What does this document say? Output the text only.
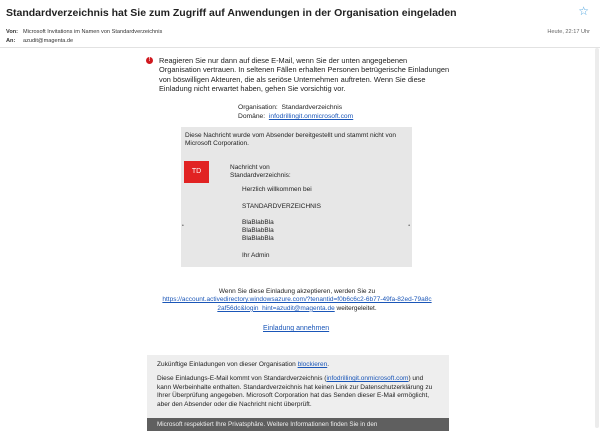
Standardverzeichnis hat Sie zum Zugriff auf Anwendungen in der Organisation eingeladen	☆
Von: Microsoft Invitations im Namen von Standardverzeichnis
An: azudit@magenta.de
Heute, 22:17 Uhr
!	Reagieren Sie nur dann auf diese E-Mail, wenn Sie der unten angegebenen Organisation vertrauen. In seltenen Fällen erhalten Personen betrügerische Einladungen von böswilligen Akteuren, die als seriöse Unternehmen auftreten. Wenn Sie diese Einladung nicht erwartet haben, gehen Sie vorsichtig vor.
Organisation: Standardverzeichnis
Domäne: infodrillingit.onmicrosoft.com
Diese Nachricht wurde vom Absender bereitgestellt und stammt nicht von Microsoft Corporation.
TD
Nachricht von
Standardverzeichnis:
Herzlich willkommen bei
STANDARDVERZEICHNIS
BlaBlabBla
BlaBlabBla
BlaBlabBla
Ihr Admin
•	•
Wenn Sie diese Einladung akzeptieren, werden Sie zu
https://account.activedirectory.windowsazure.com/?tenantid=f0b6c6c2-6b77-49fa-82ed-79a8c2af56dc&login_hint=azudit@magenta.de weitergeleitet.
Einladung annehmen
Zukünftige Einladungen von dieser Organisation blockieren.
Diese Einladungs-E-Mail kommt von Standardverzeichnis (infodrillingit.onmicrosoft.com) und kann Werbeinhalte enthalten. Standardverzeichnis hat keinen Link zur Datenschutzerklärung zu Ihrer Überprüfung angegeben. Microsoft Corporation hat das Senden dieser E-Mail ermöglicht, aber den Absender oder die Nachricht nicht überprüft.
Microsoft respektiert Ihre Privatsphäre. Weitere Informationen finden Sie in den
